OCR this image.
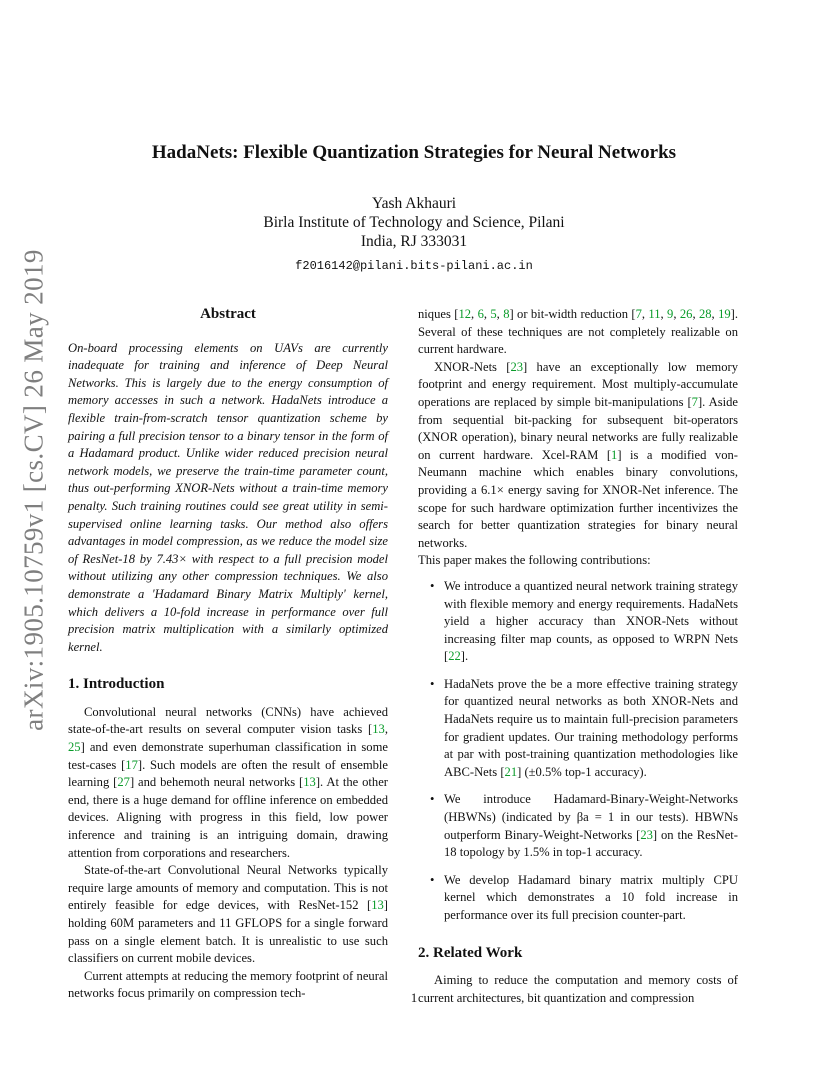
arXiv:1905.10759v1 [cs.CV] 26 May 2019
HadaNets: Flexible Quantization Strategies for Neural Networks
Yash Akhauri
Birla Institute of Technology and Science, Pilani
India, RJ 333031
f2016142@pilani.bits-pilani.ac.in
Abstract

On-board processing elements on UAVs are currently inadequate for training and inference of Deep Neural Networks. This is largely due to the energy consumption of memory accesses in such a network. HadaNets introduce a flexible train-from-scratch tensor quantization scheme by pairing a full precision tensor to a binary tensor in the form of a Hadamard product. Unlike wider reduced precision neural network models, we preserve the train-time parameter count, thus out-performing XNOR-Nets without a train-time memory penalty. Such training routines could see great utility in semi-supervised online learning tasks. Our method also offers advantages in model compression, as we reduce the model size of ResNet-18 by 7.43× with respect to a full precision model without utilizing any other compression techniques. We also demonstrate a 'Hadamard Binary Matrix Multiply' kernel, which delivers a 10-fold increase in performance over full precision matrix multiplication with a similarly optimized kernel.

1. Introduction

Convolutional neural networks (CNNs) have achieved state-of-the-art results on several computer vision tasks [13, 25] and even demonstrate superhuman classification in some test-cases [17]. Such models are often the result of ensemble learning [27] and behemoth neural networks [13]. At the other end, there is a huge demand for offline inference on embedded devices. Aligning with progress in this field, low power inference and training is an intriguing domain, drawing attention from corporations and researchers.

State-of-the-art Convolutional Neural Networks typically require large amounts of memory and computation. This is not entirely feasible for edge devices, with ResNet-152 [13] holding 60M parameters and 11 GFLOPS for a single forward pass on a single element batch. It is unrealistic to use such classifiers on current mobile devices.

Current attempts at reducing the memory footprint of neural networks focus primarily on compression tech-

niques [12, 6, 5, 8] or bit-width reduction [7, 11, 9, 26, 28, 19]. Several of these techniques are not completely realizable on current hardware.

XNOR-Nets [23] have an exceptionally low memory footprint and energy requirement. Most multiply-accumulate operations are replaced by simple bit-manipulations [7]. Aside from sequential bit-packing for subsequent bit-operators (XNOR operation), binary neural networks are fully realizable on current hardware. Xcel-RAM [1] is a modified von-Neumann machine which enables binary convolutions, providing a 6.1× energy saving for XNOR-Net inference. The scope for such hardware optimization further incentivizes the search for better quantization strategies for binary neural networks.

This paper makes the following contributions:

• We introduce a quantized neural network training strategy with flexible memory and energy requirements. HadaNets yield a higher accuracy than XNOR-Nets without increasing filter map counts, as opposed to WRPN Nets [22].
• HadaNets prove the be a more effective training strategy for quantized neural networks as both XNOR-Nets and HadaNets require us to maintain full-precision parameters for gradient updates. Our training methodology performs at par with post-training quantization methodologies like ABC-Nets [21] (±0.5% top-1 accuracy).
• We introduce Hadamard-Binary-Weight-Networks (HBWNs) (indicated by βa = 1 in our tests). HBWNs outperform Binary-Weight-Networks [23] on the ResNet-18 topology by 1.5% in top-1 accuracy.
• We develop Hadamard binary matrix multiply CPU kernel which demonstrates a 10 fold increase in performance over its full precision counter-part.
2. Related Work

Aiming to reduce the computation and memory costs of current architectures, bit quantization and compression

1
